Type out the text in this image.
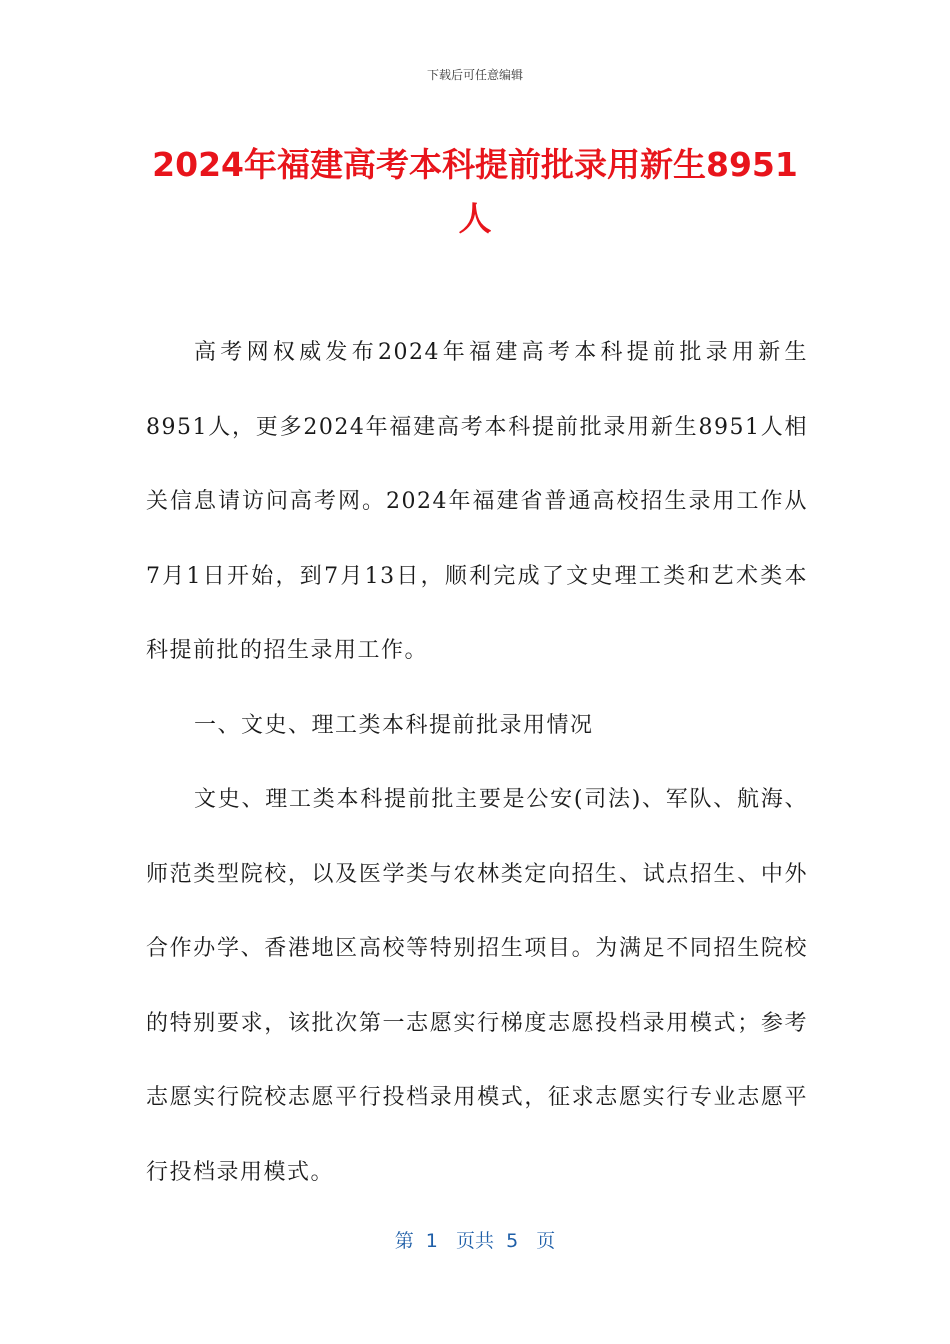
下载后可任意编辑
2024年福建高考本科提前批录用新生8951人

高考网权威发布2024年福建高考本科提前批录用新生8951人，更多2024年福建高考本科提前批录用新生8951人相关信息请访问高考网。2024年福建省普通高校招生录用工作从7月1日开始，到7月13日，顺利完成了文史理工类和艺术类本科提前批的招生录用工作。

一、文史、理工类本科提前批录用情况

文史、理工类本科提前批主要是公安(司法)、军队、航海、师范类型院校，以及医学类与农林类定向招生、试点招生、中外合作办学、香港地区高校等特别招生项目。为满足不同招生院校的特别要求，该批次第一志愿实行梯度志愿投档录用模式；参考志愿实行院校志愿平行投档录用模式，征求志愿实行专业志愿平行投档录用模式。

第  1   页共  5   页
